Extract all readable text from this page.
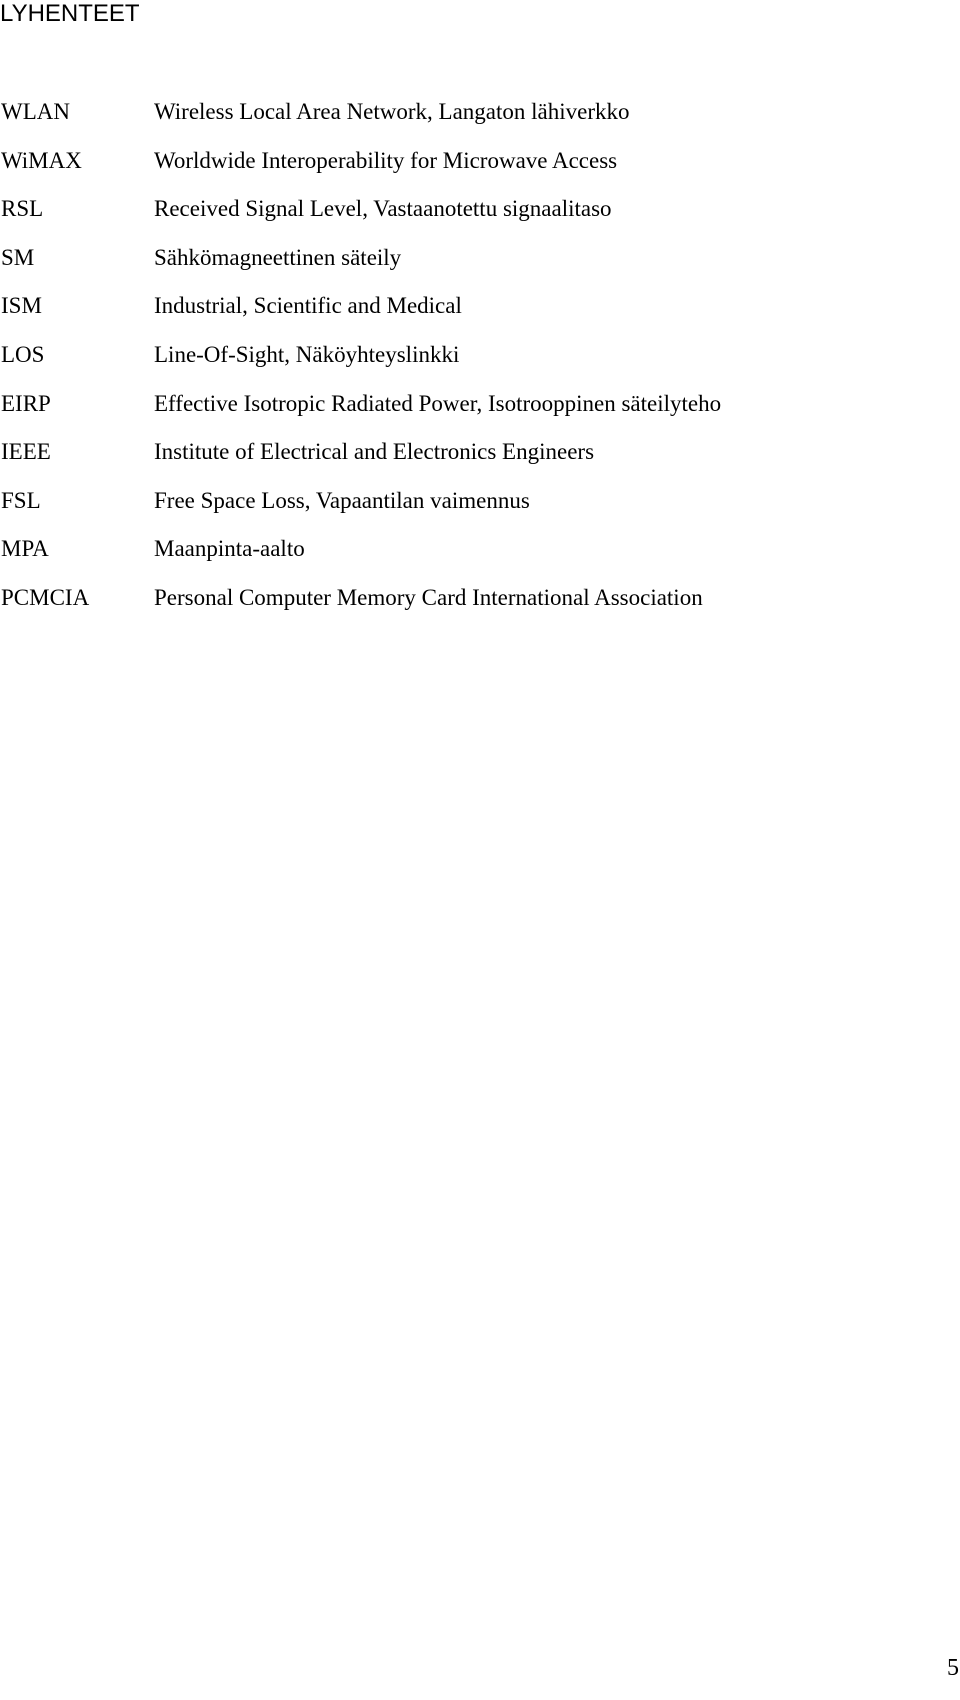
LYHENTEET
WLAN	Wireless Local Area Network, Langaton lähiverkko
WiMAX	Worldwide Interoperability for Microwave Access
RSL	Received Signal Level, Vastaanotettu signaalitaso
SM	Sähkömagneettinen säteily
ISM	Industrial, Scientific and Medical
LOS	Line-Of-Sight, Näköyhteyslinkki
EIRP	Effective Isotropic Radiated Power, Isotrooppinen säteilyteho
IEEE	Institute of Electrical and Electronics Engineers
FSL	Free Space Loss, Vapaantilan vaimennus
MPA	Maanpinta-aalto
PCMCIA	Personal Computer Memory Card International Association
5
